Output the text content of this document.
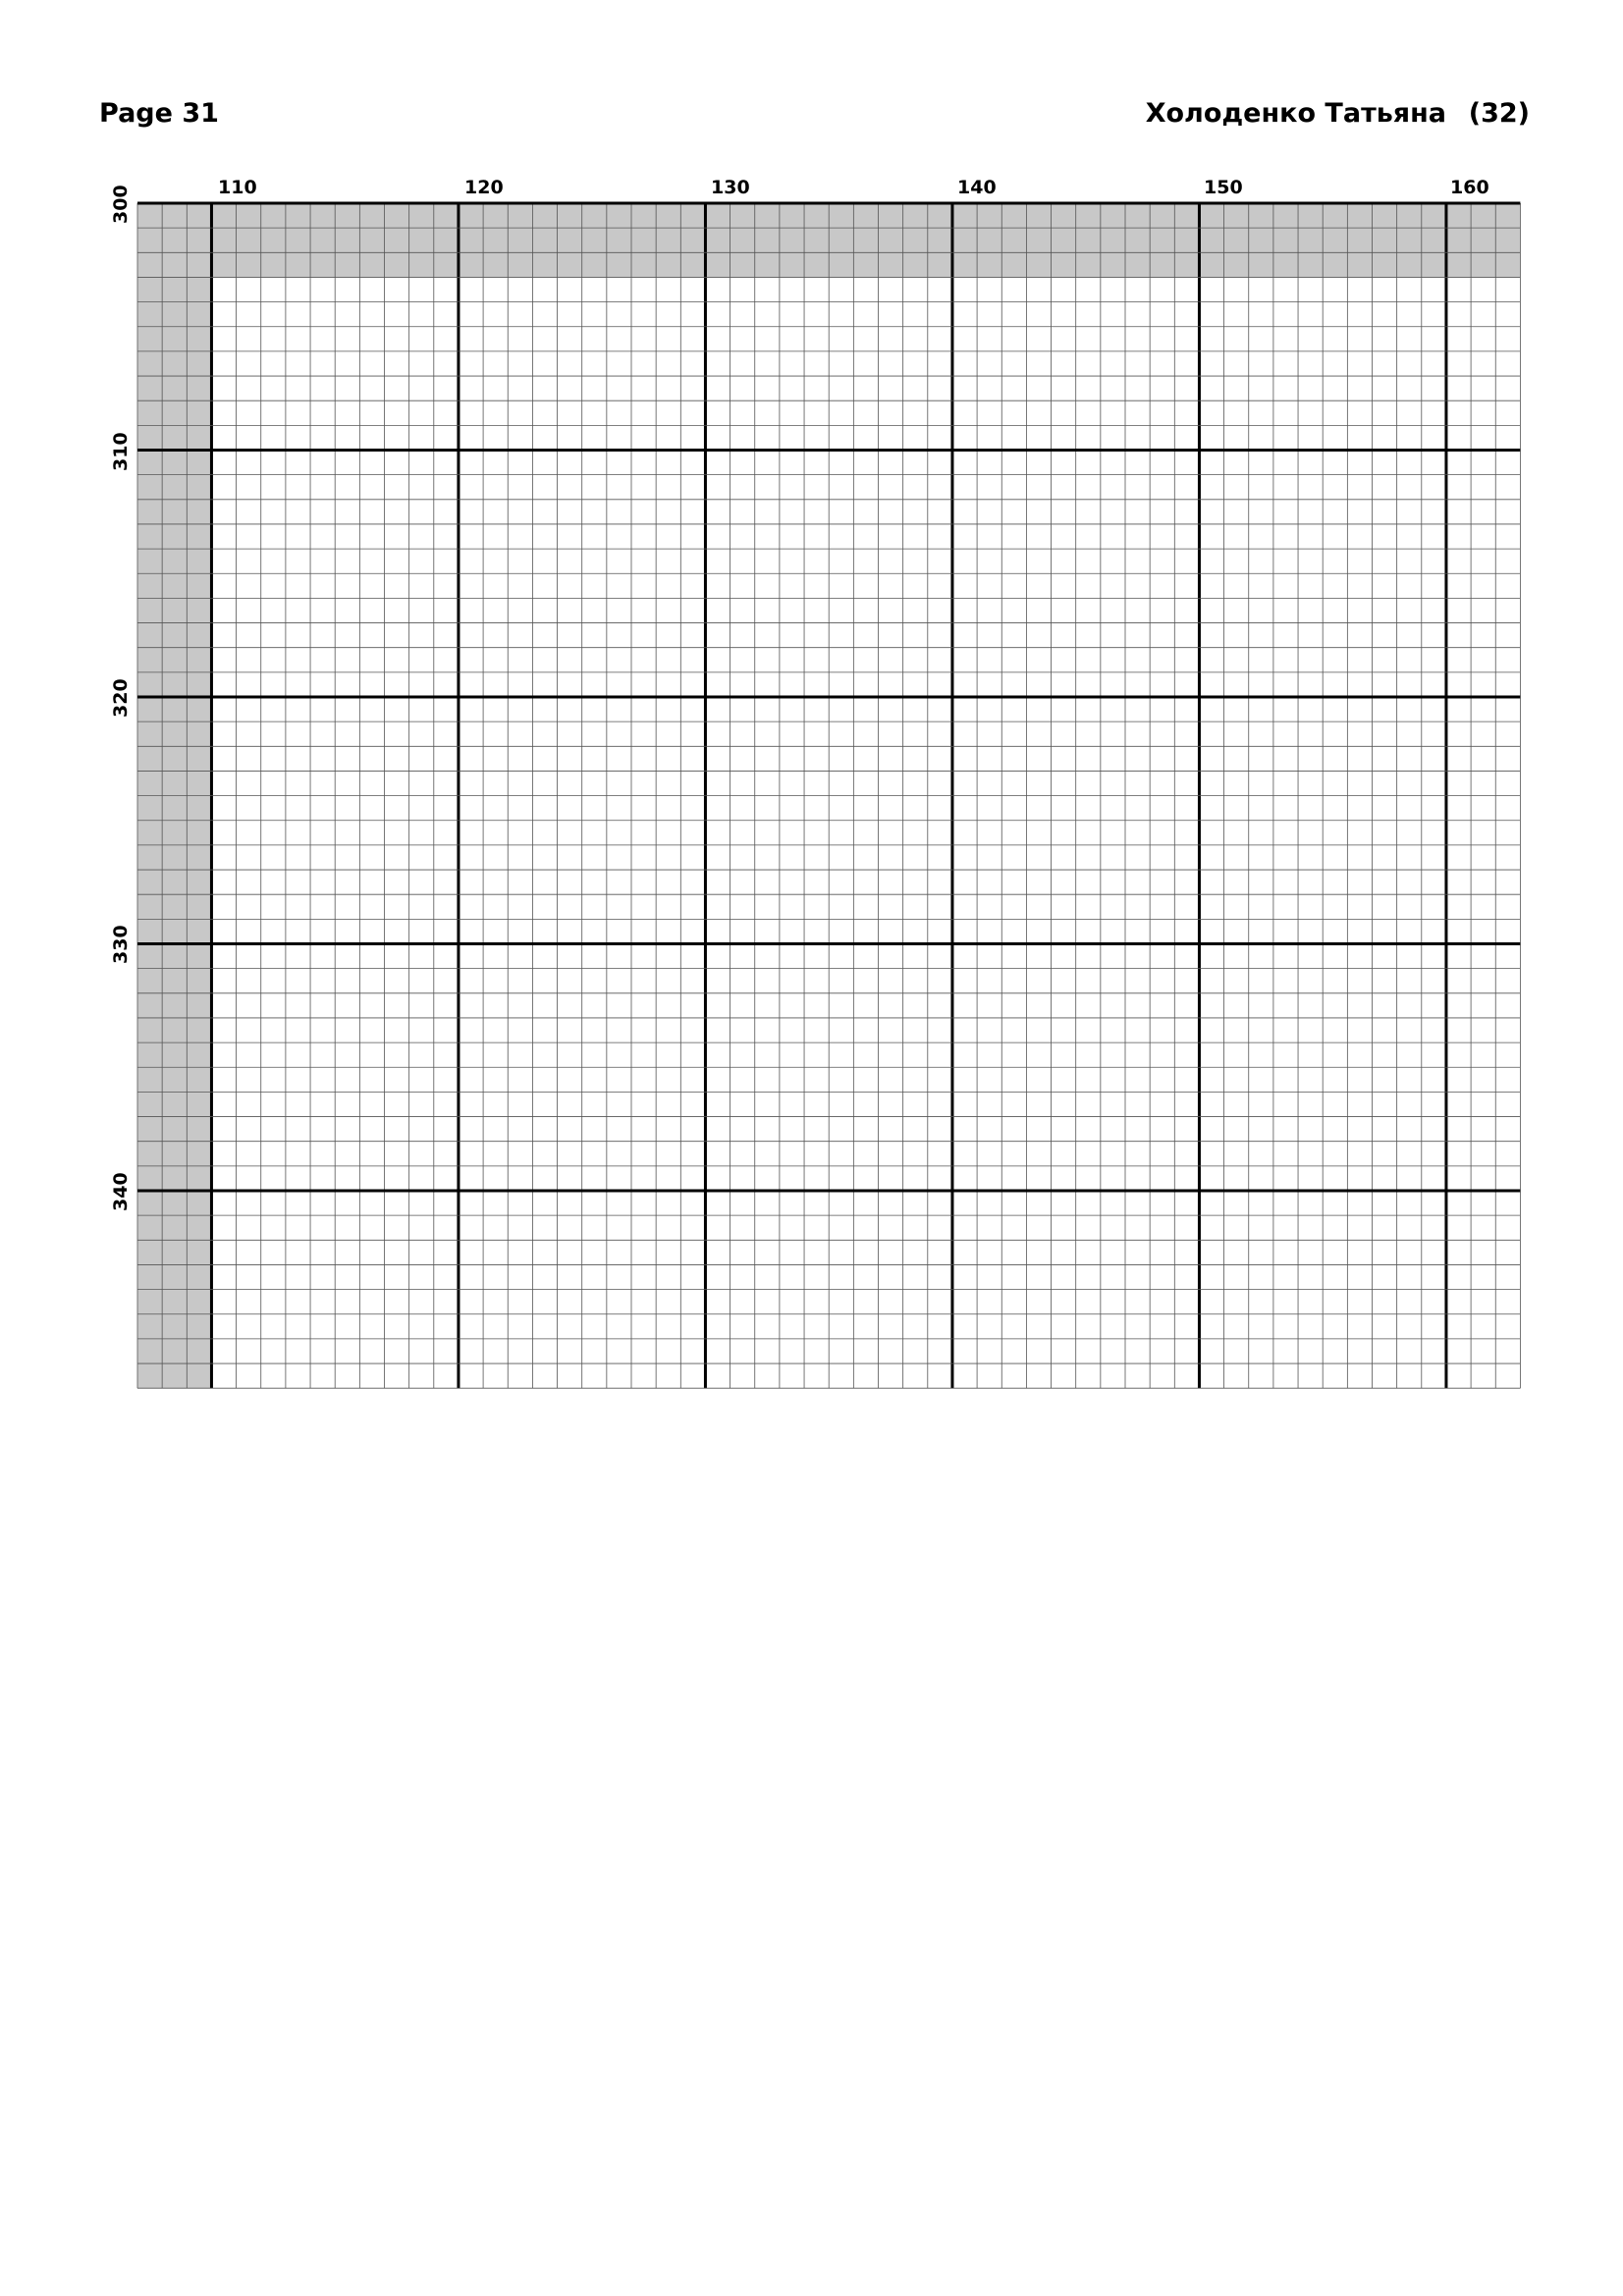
Page 31	Холоденко Татьяна (32)
110	120	130	140	150	160
300
310
320
330
340
